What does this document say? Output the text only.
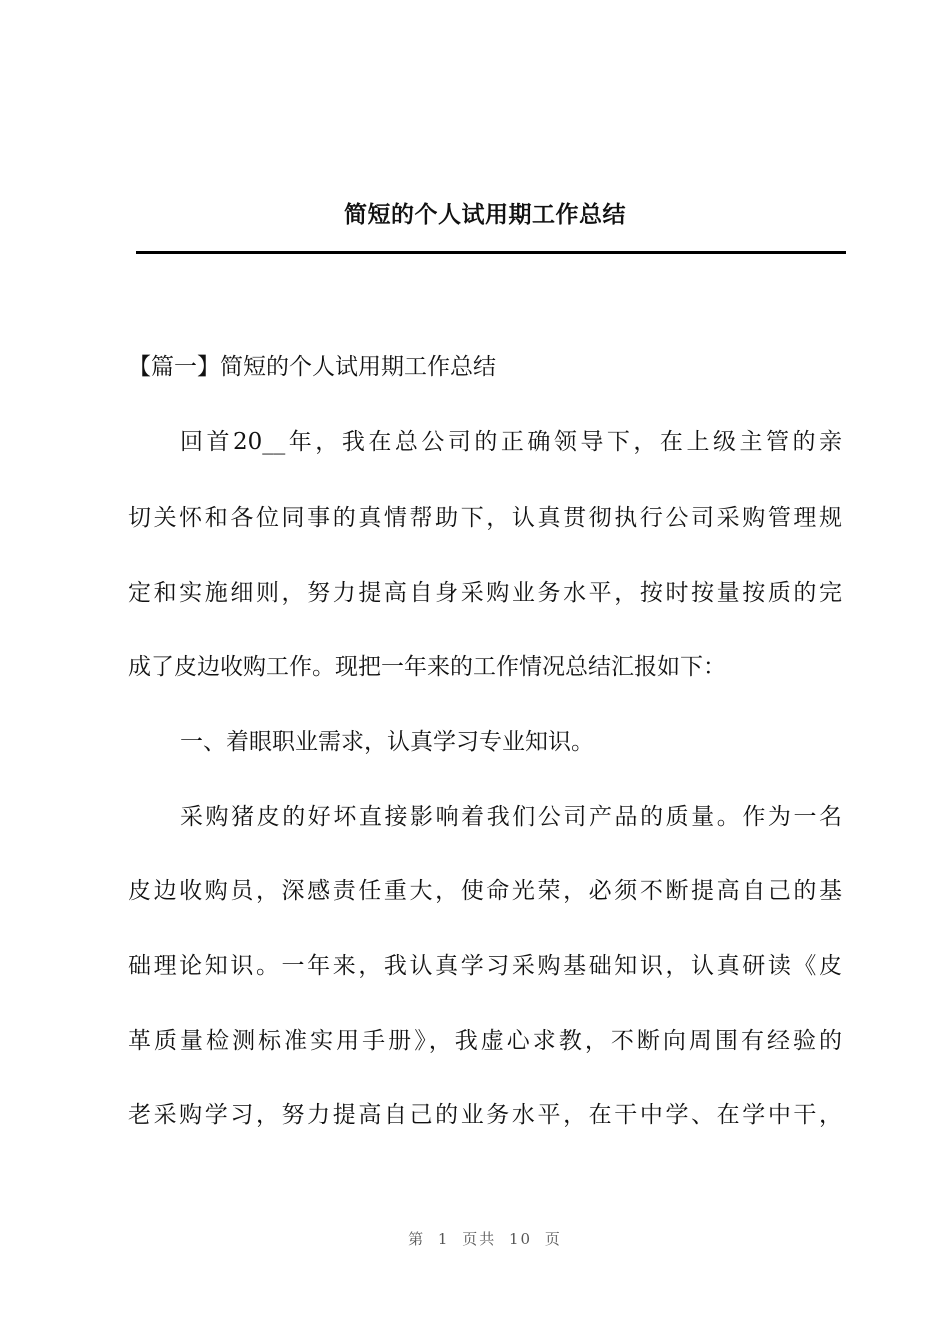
简短的个人试用期工作总结
【篇一】简短的个人试用期工作总结
回首20__年，我在总公司的正确领导下，在上级主管的亲
切关怀和各位同事的真情帮助下，认真贯彻执行公司采购管理规
定和实施细则，努力提高自身采购业务水平，按时按量按质的完
成了皮边收购工作。现把一年来的工作情况总结汇报如下：
一、着眼职业需求，认真学习专业知识。
采购猪皮的好坏直接影响着我们公司产品的质量。作为一名
皮边收购员，深感责任重大，使命光荣，必须不断提高自己的基
础理论知识。一年来，我认真学习采购基础知识，认真研读《皮
革质量检测标准实用手册》，我虚心求教，不断向周围有经验的
老采购学习，努力提高自己的业务水平，在干中学、在学中干，
第 1 页共 10 页
